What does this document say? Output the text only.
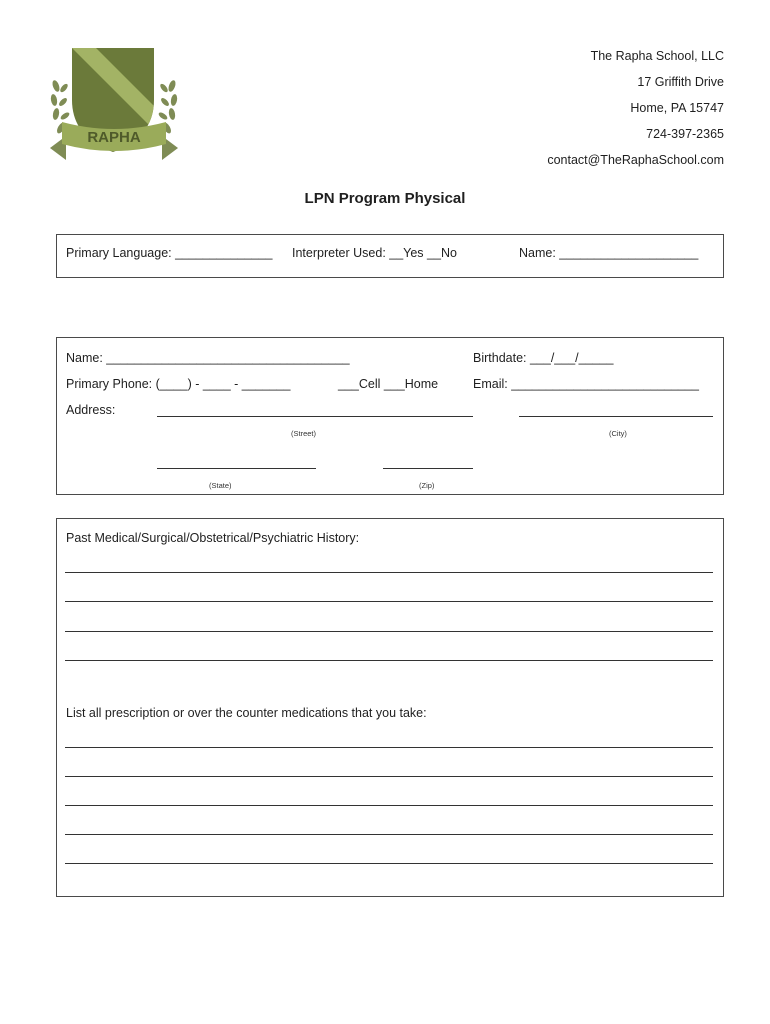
RAPHA
The Rapha School, LLC
17 Griffith Drive
Home, PA 15747
724-397-2365
contact@TheRaphaSchool.com
LPN Program Physical
Primary Language: ______________ Interpreter Used: __Yes __No	Name: ____________________
Name: ___________________________________	Birthdate: ___/___/_____
Primary Phone: (____) - ____ - _______	___Cell ___Home	Email: ___________________________
Address:
(Street)	(City)
(State)	(Zip)
Past Medical/Surgical/Obstetrical/Psychiatric History:
List all prescription or over the counter medications that you take:
